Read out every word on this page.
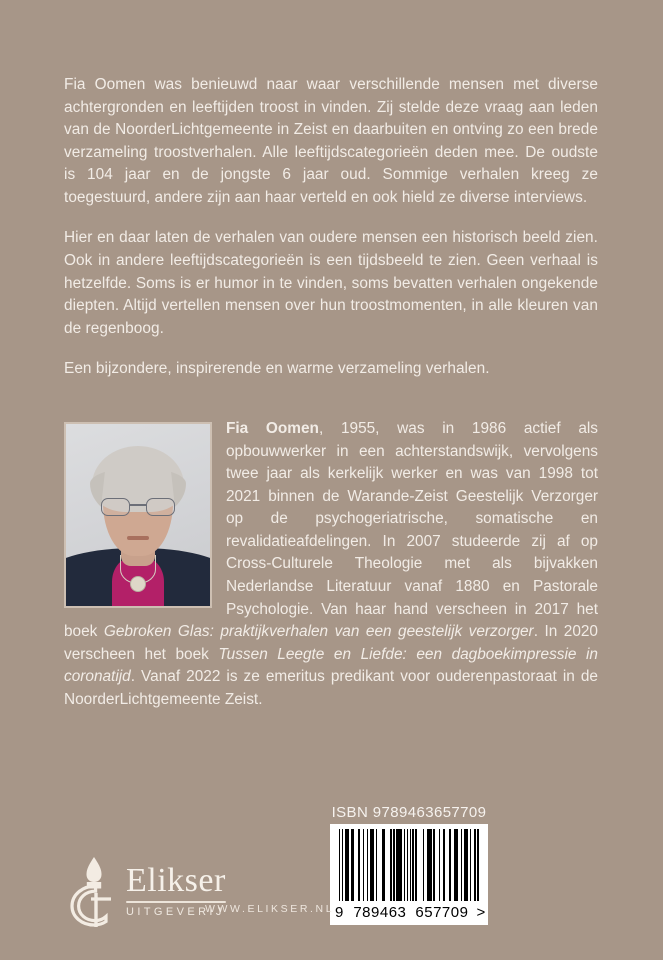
Fia Oomen was benieuwd naar waar verschillende mensen met diverse achtergronden en leeftijden troost in vinden. Zij stelde deze vraag aan leden van de NoorderLichtgemeente in Zeist en daarbuiten en ontving zo een brede verzameling troostverhalen. Alle leeftijdscategorieën deden mee. De oudste is 104 jaar en de jongste 6 jaar oud. Sommige verhalen kreeg ze toegestuurd, andere zijn aan haar verteld en ook hield ze diverse interviews.

Hier en daar laten de verhalen van oudere mensen een historisch beeld zien. Ook in andere leeftijdscategorieën is een tijdsbeeld te zien. Geen verhaal is hetzelfde. Soms is er humor in te vinden, soms bevatten verhalen ongekende diepten. Altijd vertellen mensen over hun troostmomenten, in alle kleuren van de regenboog.

Een bijzondere, inspirerende en warme verzameling verhalen.

Fia Oomen, 1955, was in 1986 actief als opbouwwerker in een achterstandswijk, vervolgens twee jaar als kerkelijk werker en was van 1998 tot 2021 binnen de Warande-Zeist Geestelijk Verzorger op de psychogeriatrische, somatische en revalidatieafdelingen. In 2007 studeerde zij af op Cross-Culturele Theologie met als bijvakken Nederlandse Literatuur vanaf 1880 en Pastorale Psychologie. Van haar hand verscheen in 2017 het boek Gebroken Glas: praktijkverhalen van een geestelijk verzorger. In 2020 verscheen het boek Tussen Leegte en Liefde: een dagboekimpressie in coronatijd. Vanaf 2022 is ze emeritus predikant voor ouderenpastoraat in de NoorderLichtgemeente Zeist.
ISBN 9789463657709
9 789463 657709 >
Elikser
UITGEVERIJ
WWW.ELIKSER.NL
